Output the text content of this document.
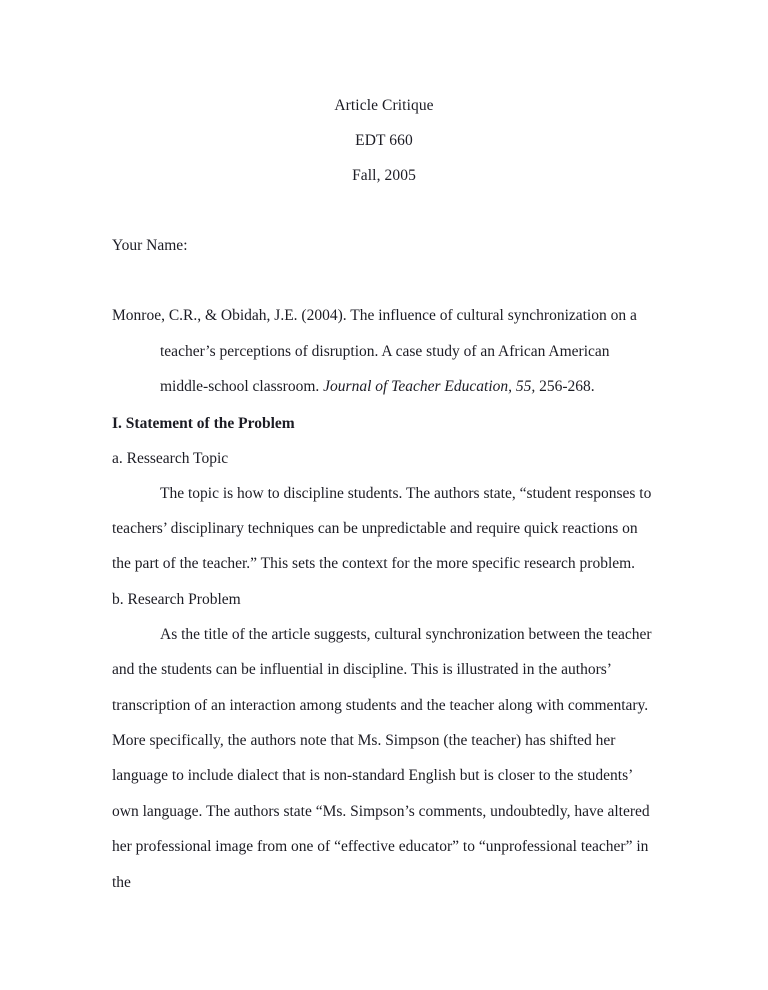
Article Critique
EDT 660
Fall, 2005
Your Name:
Monroe, C.R., & Obidah, J.E. (2004). The influence of cultural synchronization on a teacher’s perceptions of disruption. A case study of an African American middle-school classroom. Journal of Teacher Education, 55, 256-268.
I. Statement of the Problem
a. Ressearch Topic

The topic is how to discipline students. The authors state, “student responses to teachers’ disciplinary techniques can be unpredictable and require quick reactions on the part of the teacher.” This sets the context for the more specific research problem.

b. Research Problem

As the title of the article suggests, cultural synchronization between the teacher and the students can be influential in discipline. This is illustrated in the authors’ transcription of an interaction among students and the teacher along with commentary. More specifically, the authors note that Ms. Simpson (the teacher) has shifted her language to include dialect that is non-standard English but is closer to the students’ own language. The authors state “Ms. Simpson’s comments, undoubtedly, have altered her professional image from one of “effective educator” to “unprofessional teacher” in the
